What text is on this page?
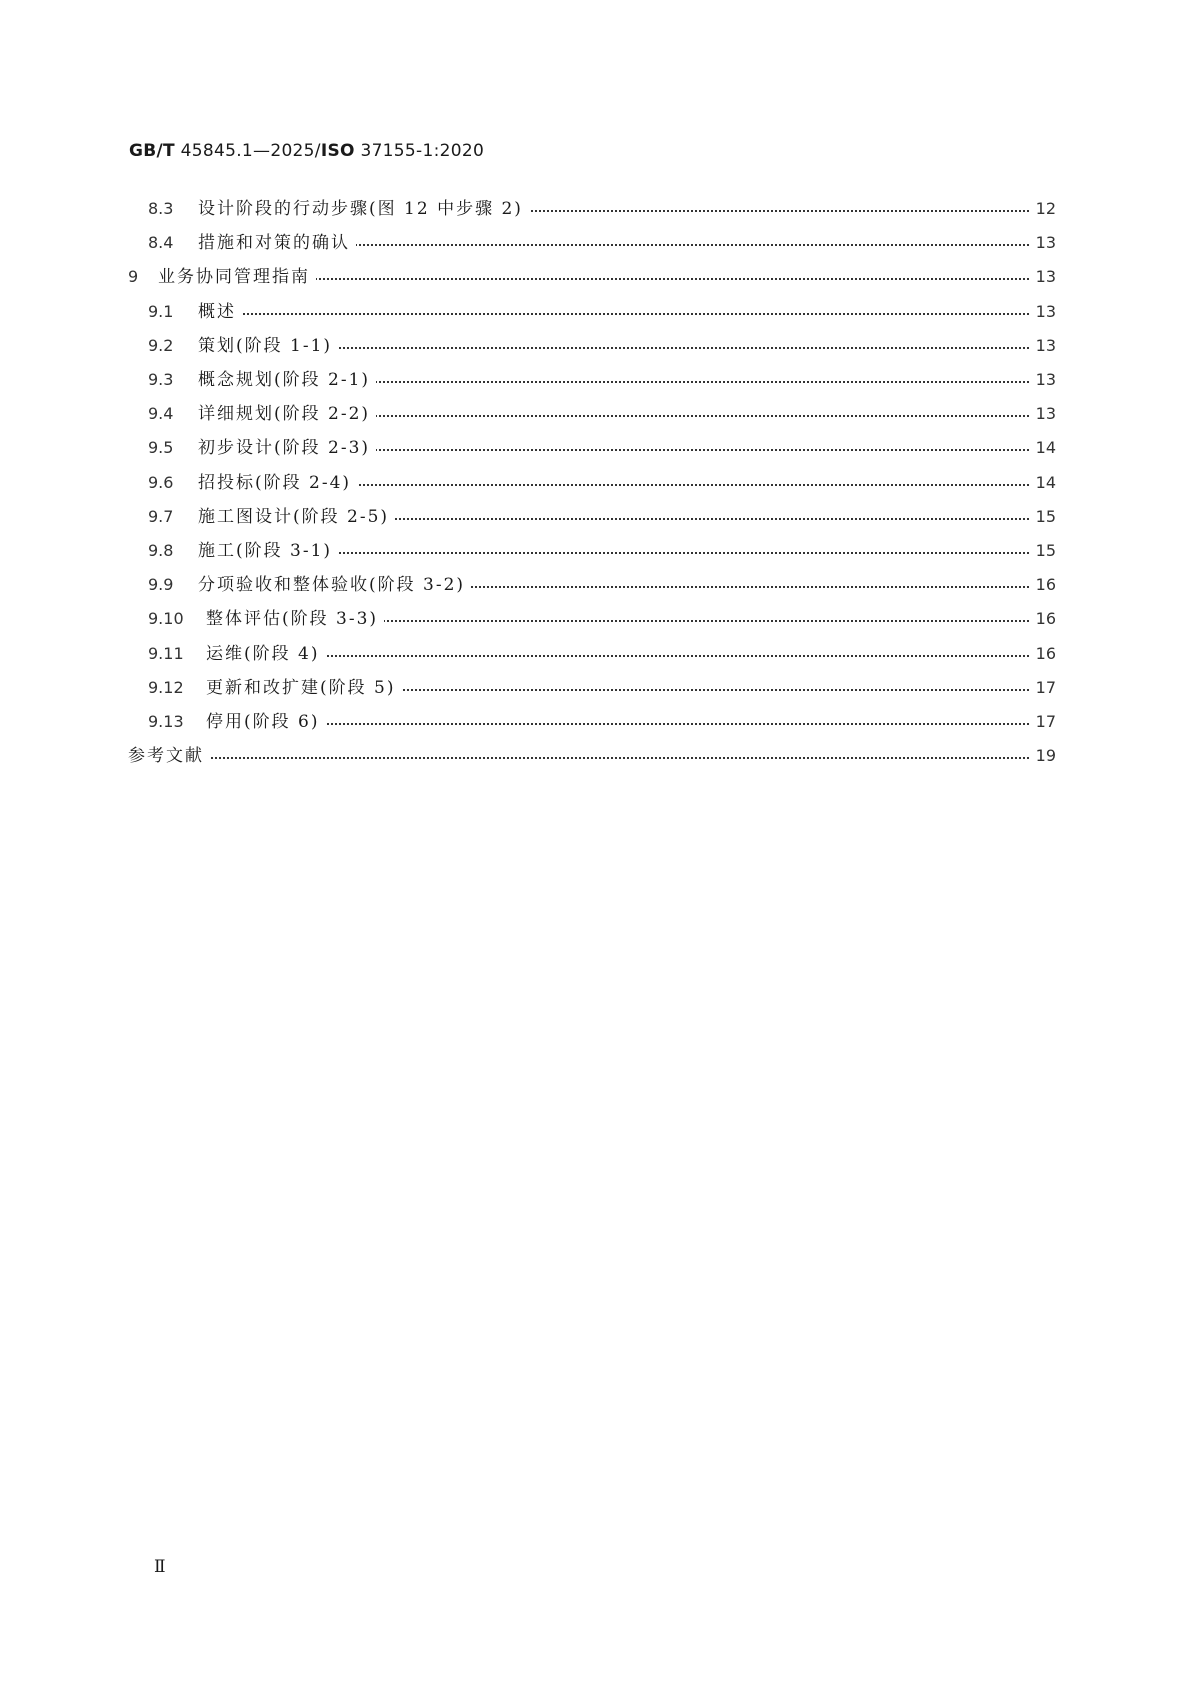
GB/T 45845.1—2025/ISO 37155-1:2020
8.3 设计阶段的行动步骤(图 12 中步骤 2)	12
8.4 措施和对策的确认	13
9 业务协同管理指南	13
9.1 概述	13
9.2 策划(阶段 1-1)	13
9.3 概念规划(阶段 2-1)	13
9.4 详细规划(阶段 2-2)	13
9.5 初步设计(阶段 2-3)	14
9.6 招投标(阶段 2-4)	14
9.7 施工图设计(阶段 2-5)	15
9.8 施工(阶段 3-1)	15
9.9 分项验收和整体验收(阶段 3-2)	16
9.10 整体评估(阶段 3-3)	16
9.11 运维(阶段 4)	16
9.12 更新和改扩建(阶段 5)	17
9.13 停用(阶段 6)	17
参考文献	19
Ⅱ
